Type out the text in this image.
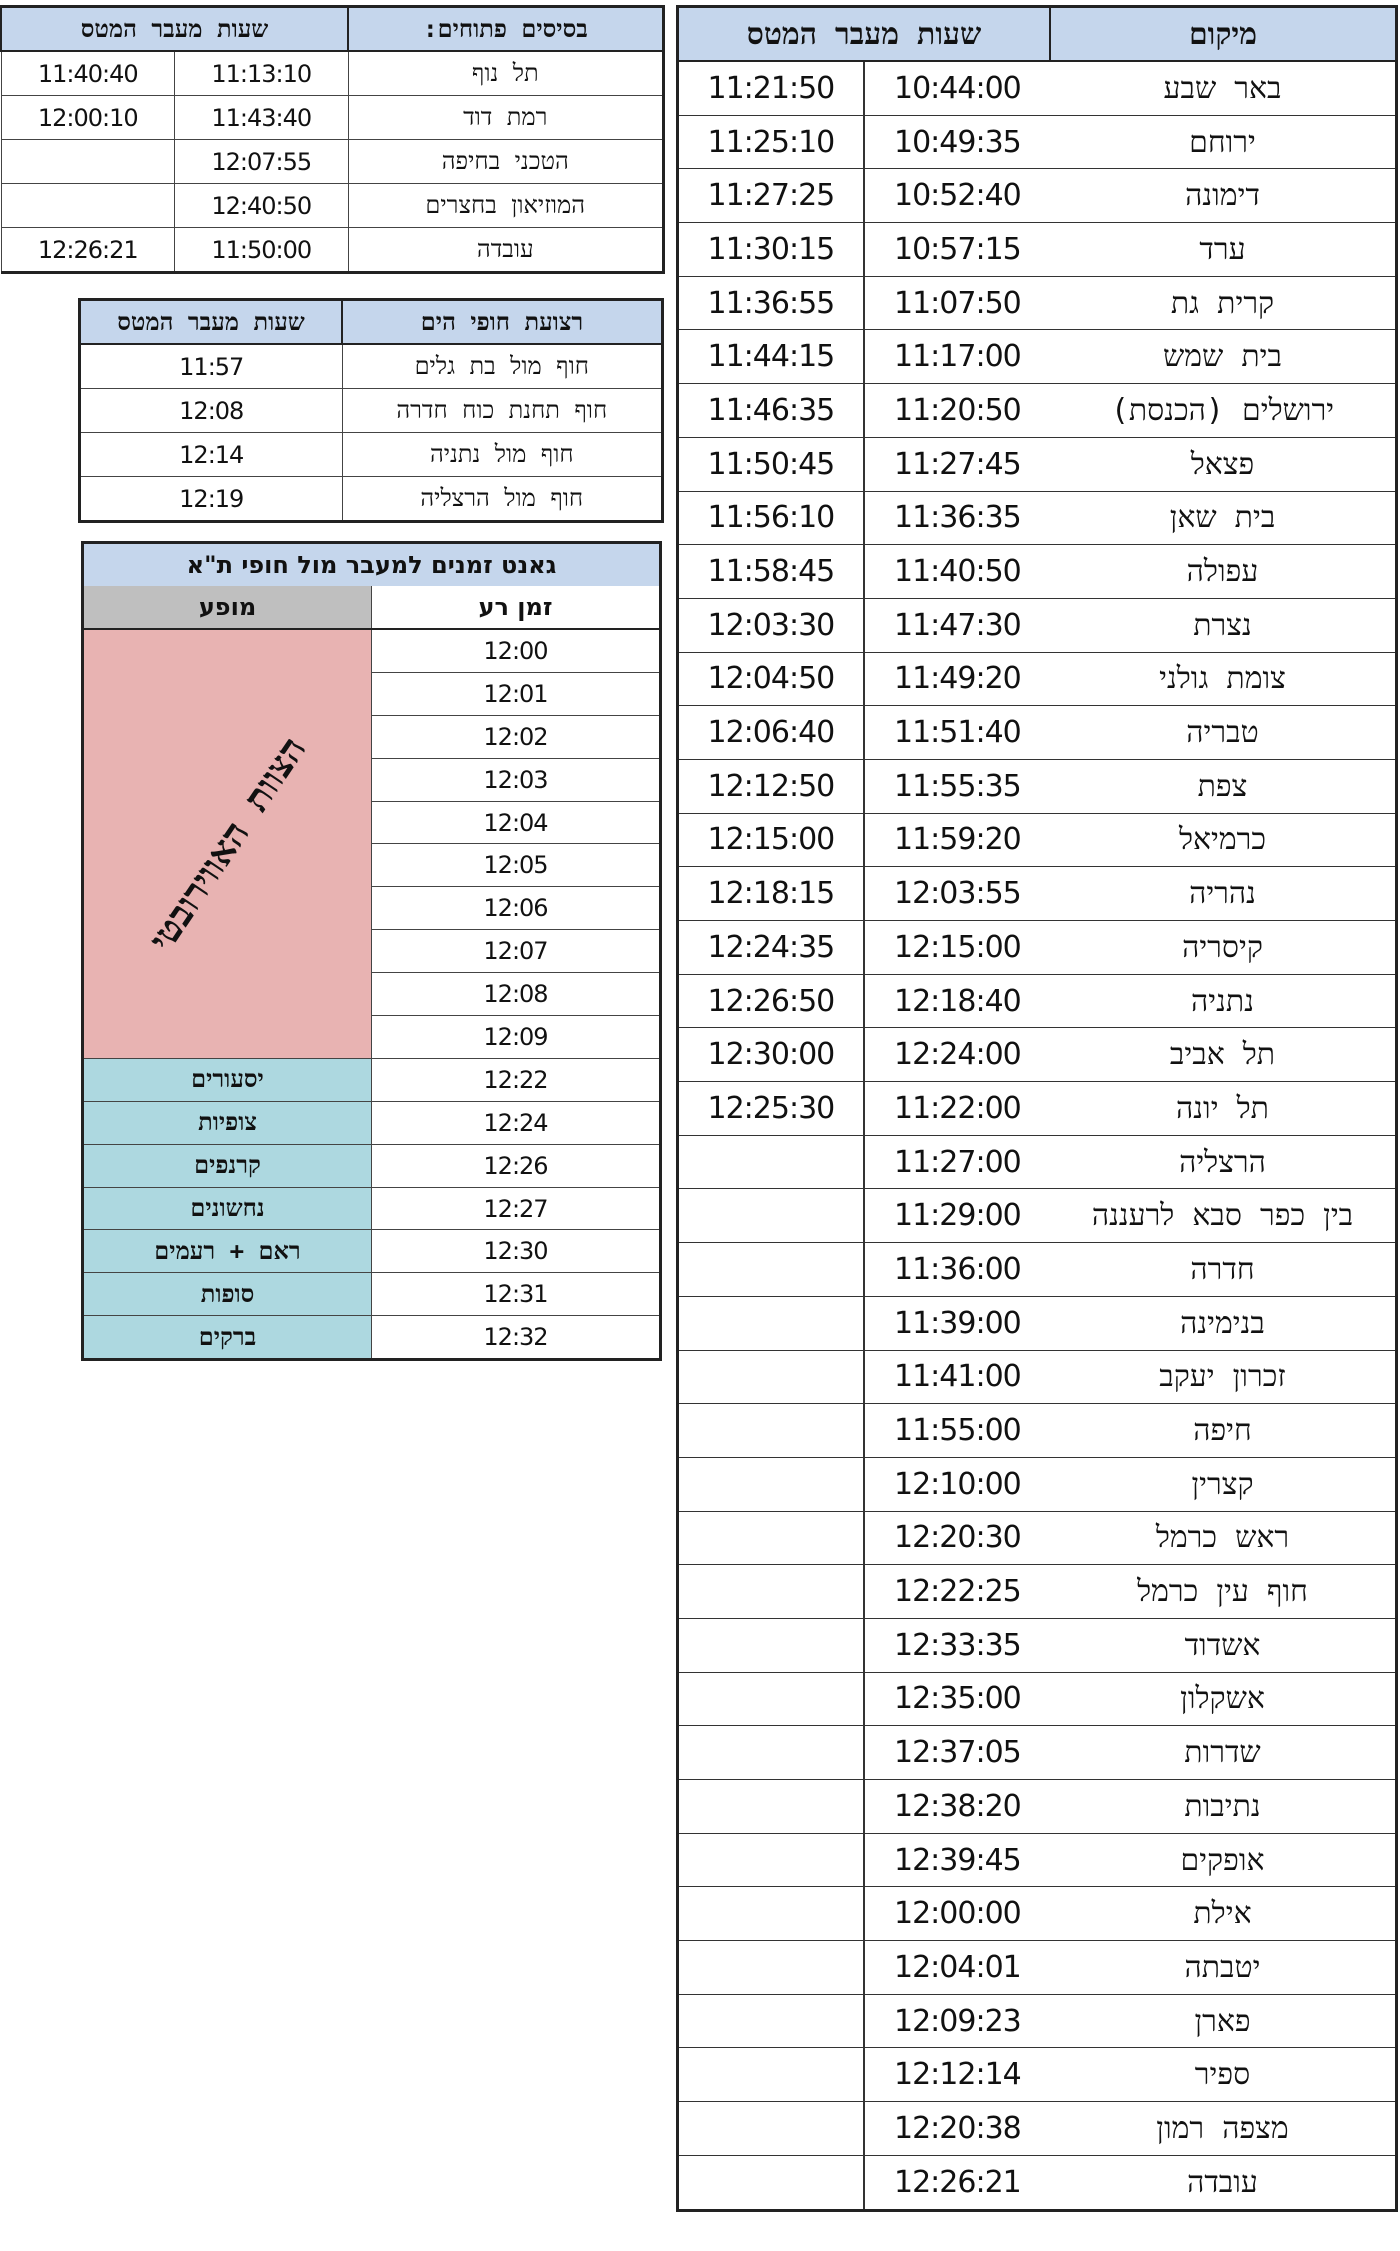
מיקום	שעות מעבר המטס	
באר שבע	10:44:00	11:21:50
ירוחם	10:49:35	11:25:10
דימונה	10:52:40	11:27:25
ערד	10:57:15	11:30:15
קרית גת	11:07:50	11:36:55
בית שמש	11:17:00	11:44:15
ירושלים (הכנסת)	11:20:50	11:46:35
פצאל	11:27:45	11:50:45
בית שאן	11:36:35	11:56:10
עפולה	11:40:50	11:58:45
נצרת	11:47:30	12:03:30
צומת גולני	11:49:20	12:04:50
טבריה	11:51:40	12:06:40
צפת	11:55:35	12:12:50
כרמיאל	11:59:20	12:15:00
נהריה	12:03:55	12:18:15
קיסריה	12:15:00	12:24:35
נתניה	12:18:40	12:26:50
תל אביב	12:24:00	12:30:00
תל יונה	11:22:00	12:25:30
הרצליה	11:27:00	
בין כפר סבא לרעננה	11:29:00	
חדרה	11:36:00	
בנימינה	11:39:00	
זכרון יעקב	11:41:00	
חיפה	11:55:00	
קצרין	12:10:00	
ראש כרמל	12:20:30	
חוף עין כרמל	12:22:25	
אשדוד	12:33:35	
אשקלון	12:35:00	
שדרות	12:37:05	
נתיבות	12:38:20	
אופקים	12:39:45	
אילת	12:00:00	
יטבתה	12:04:01	
פארן	12:09:23	
ספיר	12:12:14	
מצפה רמון	12:20:38	
עובדה	12:26:21	
בסיסים פתוחים:	שעות מעבר המטס	
תל נוף	11:13:10	11:40:40
רמת דוד	11:43:40	12:00:10
הטכני בחיפה	12:07:55	
המוזיאון בחצרים	12:40:50	
עובדה	11:50:00	12:26:21
רצועת חופי הים	שעות מעבר המטס
חוף מול בת גלים	11:57
חוף תחנת כוח חדרה	12:08
חוף מול נתניה	12:14
חוף מול הרצליה	12:19
גאנט זמנים למעבר מול חופי ת"א	
זמן רע	מופע
12:00	הצוות האווירובטי

12:01	
12:02	
12:03	
12:04	
12:05	
12:06	
12:07	
12:08	
12:09	
12:22	יסעורים
12:24	צופיות
12:26	קרנפים
12:27	נחשונים
12:30	ראם + רעמים
12:31	סופות
12:32	ברקים
